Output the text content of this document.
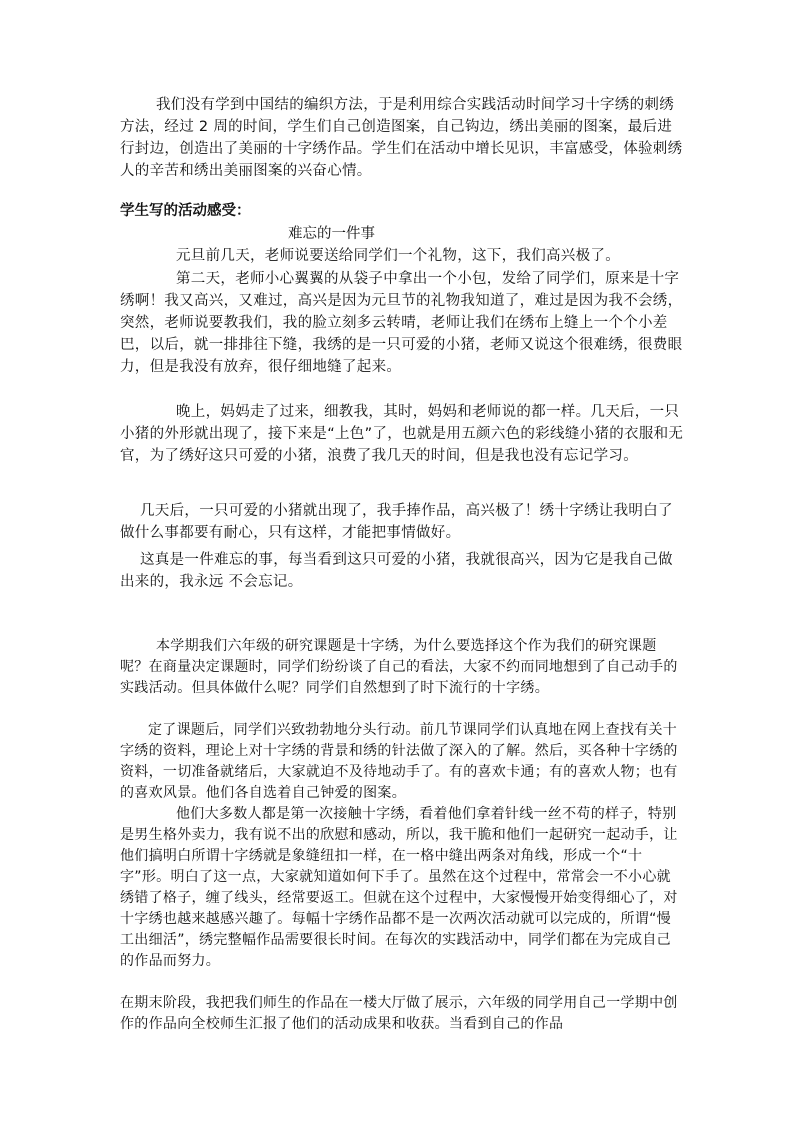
我们没有学到中国结的编织方法，于是利用综合实践活动时间学习十字绣的刺绣方法，经过 2 周的时间，学生们自己创造图案，自己钩边，绣出美丽的图案，最后进行封边，创造出了美丽的十字绣作品。学生们在活动中增长见识，丰富感受，体验刺绣人的辛苦和绣出美丽图案的兴奋心情。

学生写的活动感受：

难忘的一件事

元旦前几天，老师说要送给同学们一个礼物，这下，我们高兴极了。

第二天，老师小心翼翼的从袋子中拿出一个小包，发给了同学们，原来是十字绣啊！我又高兴，又难过，高兴是因为元旦节的礼物我知道了，难过是因为我不会绣，突然，老师说要教我们，我的脸立刻多云转晴，老师让我们在绣布上缝上一个个小差巴，以后，就一排排往下缝，我绣的是一只可爱的小猪，老师又说这个很难绣，很费眼力，但是我没有放弃，很仔细地缝了起来。

晚上，妈妈走了过来，细教我，其时，妈妈和老师说的都一样。几天后，一只小猪的外形就出现了，接下来是“上色”了，也就是用五颜六色的彩线缝小猪的衣服和无官，为了绣好这只可爱的小猪，浪费了我几天的时间，但是我也没有忘记学习。

几天后，一只可爱的小猪就出现了，我手捧作品，高兴极了！绣十字绣让我明白了做什么事都要有耐心，只有这样，才能把事情做好。

这真是一件难忘的事，每当看到这只可爱的小猪，我就很高兴，因为它是我自己做出来的，我永远 不会忘记。

本学期我们六年级的研究课题是十字绣，为什么要选择这个作为我们的研究课题呢？在商量决定课题时，同学们纷纷谈了自己的看法，大家不约而同地想到了自己动手的实践活动。但具体做什么呢？同学们自然想到了时下流行的十字绣。

定了课题后，同学们兴致勃勃地分头行动。前几节课同学们认真地在网上查找有关十字绣的资料，理论上对十字绣的背景和绣的针法做了深入的了解。然后，买各种十字绣的资料，一切准备就绪后，大家就迫不及待地动手了。有的喜欢卡通；有的喜欢人物；也有的喜欢风景。他们各自选着自己钟爱的图案。

他们大多数人都是第一次接触十字绣，看着他们拿着针线一丝不苟的样子，特别是男生格外卖力，我有说不出的欣慰和感动，所以，我干脆和他们一起研究一起动手，让他们搞明白所谓十字绣就是象缝纽扣一样，在一格中缝出两条对角线，形成一个“十字”形。明白了这一点，大家就知道如何下手了。虽然在这个过程中，常常会一不小心就绣错了格子，缠了线头，经常要返工。但就在这个过程中，大家慢慢开始变得细心了，对十字绣也越来越感兴趣了。每幅十字绣作品都不是一次两次活动就可以完成的，所谓“慢工出细活”，绣完整幅作品需要很长时间。在每次的实践活动中，同学们都在为完成自己的作品而努力。

在期末阶段，我把我们师生的作品在一楼大厅做了展示，六年级的同学用自己一学期中创作的作品向全校师生汇报了他们的活动成果和收获。当看到自己的作品
